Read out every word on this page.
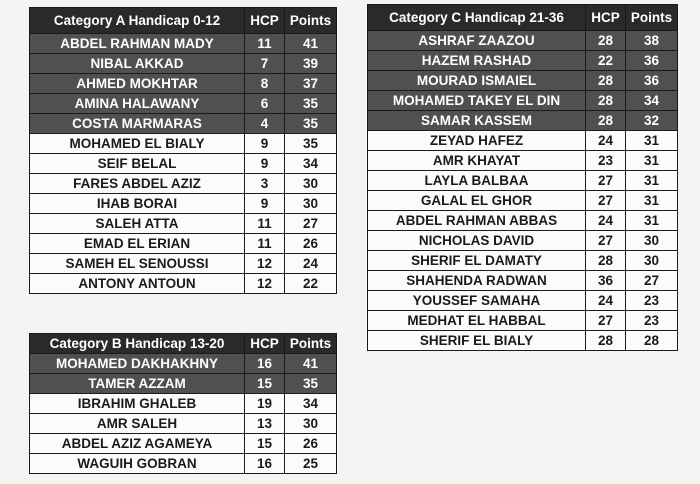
Category A Handicap 0-12	HCP	Points
ABDEL RAHMAN MADY	11	41
NIBAL AKKAD	7	39
AHMED MOKHTAR	8	37
AMINA HALAWANY	6	35
COSTA MARMARAS	4	35
MOHAMED EL BIALY	9	35
SEIF BELAL	9	34
FARES ABDEL AZIZ	3	30
IHAB BORAI	9	30
SALEH ATTA	11	27
EMAD EL ERIAN	11	26
SAMEH EL SENOUSSI	12	24
ANTONY ANTOUN	12	22
Category B Handicap 13-20	HCP	Points
MOHAMED DAKHAKHNY	16	41
TAMER AZZAM	15	35
IBRAHIM GHALEB	19	34
AMR SALEH	13	30
ABDEL AZIZ AGAMEYA	15	26
WAGUIH GOBRAN	16	25
Category C Handicap 21-36	HCP	Points
ASHRAF ZAAZOU	28	38
HAZEM RASHAD	22	36
MOURAD ISMAIEL	28	36
MOHAMED TAKEY EL DIN	28	34
SAMAR KASSEM	28	32
ZEYAD HAFEZ	24	31
AMR KHAYAT	23	31
LAYLA BALBAA	27	31
GALAL EL GHOR	27	31
ABDEL RAHMAN ABBAS	24	31
NICHOLAS DAVID	27	30
SHERIF EL DAMATY	28	30
SHAHENDA RADWAN	36	27
YOUSSEF SAMAHA	24	23
MEDHAT EL HABBAL	27	23
SHERIF EL BIALY	28	28
